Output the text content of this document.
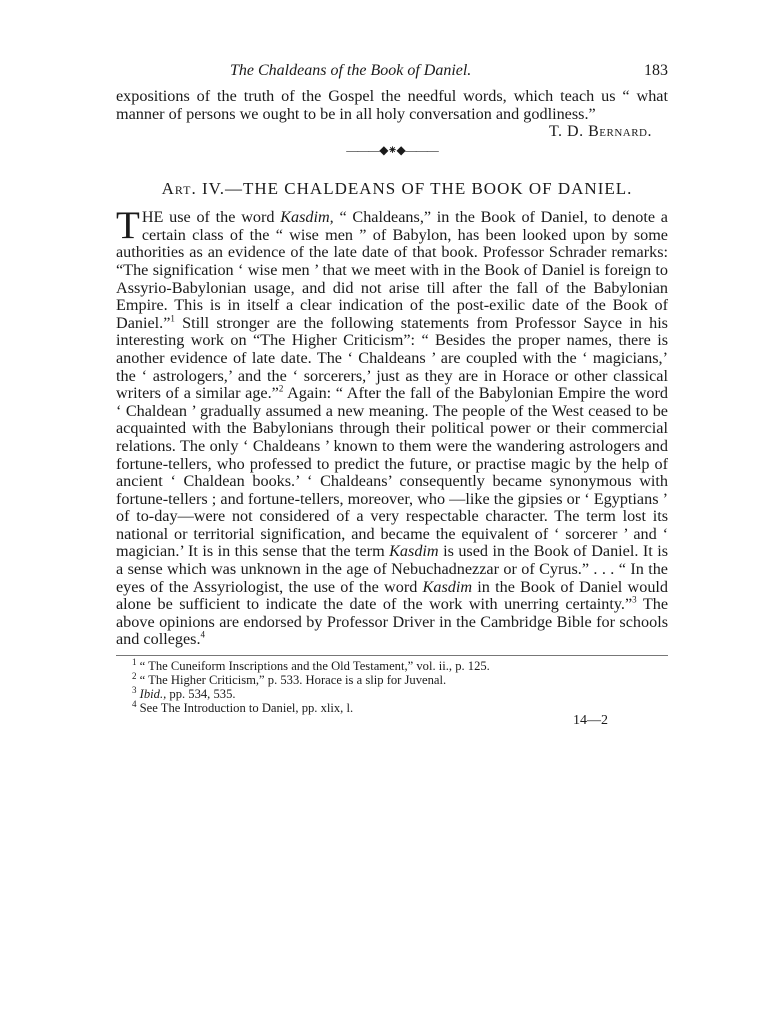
The Chaldeans of the Book of Daniel.	183

expositions of the truth of the Gospel the needful words, which teach us “ what manner of persons we ought to be in all holy conversation and godliness.”

T. D. Bernard.
———◆⁕◆———
Art. IV.—THE CHALDEANS OF THE BOOK OF DANIEL.

THE use of the word Kasdim, “ Chaldeans,” in the Book of Daniel, to denote a certain class of the “ wise men ” of Babylon, has been looked upon by some authorities as an evidence of the late date of that book. Professor Schrader remarks: “The signification ‘ wise men ’ that we meet with in the Book of Daniel is foreign to Assyrio-Babylonian usage, and did not arise till after the fall of the Babylonian Empire. This is in itself a clear indication of the post-exilic date of the Book of Daniel.”$^1$ Still stronger are the following statements from Professor Sayce in his interesting work on “The Higher Criticism”: “ Besides the proper names, there is another evidence of late date. The ‘ Chaldeans ’ are coupled with the ‘ magicians,’ the ‘ astrologers,’ and the ‘ sorcerers,’ just as they are in Horace or other classical writers of a similar age.”$^2$ Again: “ After the fall of the Babylonian Empire the word ‘ Chaldean ’ gradually assumed a new meaning. The people of the West ceased to be acquainted with the Babylonians through their political power or their commercial relations. The only ‘ Chaldeans ’ known to them were the wandering astrologers and fortune-tellers, who professed to predict the future, or practise magic by the help of ancient ‘ Chaldean books.’ ‘ Chaldeans’ consequently became synonymous with fortune-tellers ; and fortune-tellers, moreover, who —like the gipsies or ‘ Egyptians ’ of to-day—were not considered of a very respectable character. The term lost its national or territorial signification, and became the equivalent of ‘ sorcerer ’ and ‘ magician.’ It is in this sense that the term Kasdim is used in the Book of Daniel. It is a sense which was unknown in the age of Nebuchadnezzar or of Cyrus.” . . . “ In the eyes of the Assyriologist, the use of the word Kasdim in the Book of Daniel would alone be sufficient to indicate the date of the work with unerring certainty.”$^3$ The above opinions are endorsed by Professor Driver in the Cambridge Bible for schools and colleges.$^4$

$^1$ “ The Cuneiform Inscriptions and the Old Testament,” vol. ii., p. 125.
$^2$ “ The Higher Criticism,” p. 533. Horace is a slip for Juvenal.
$^3$ Ibid., pp. 534, 535.
$^4$ See The Introduction to Daniel, pp. xlix, l.
14—2
